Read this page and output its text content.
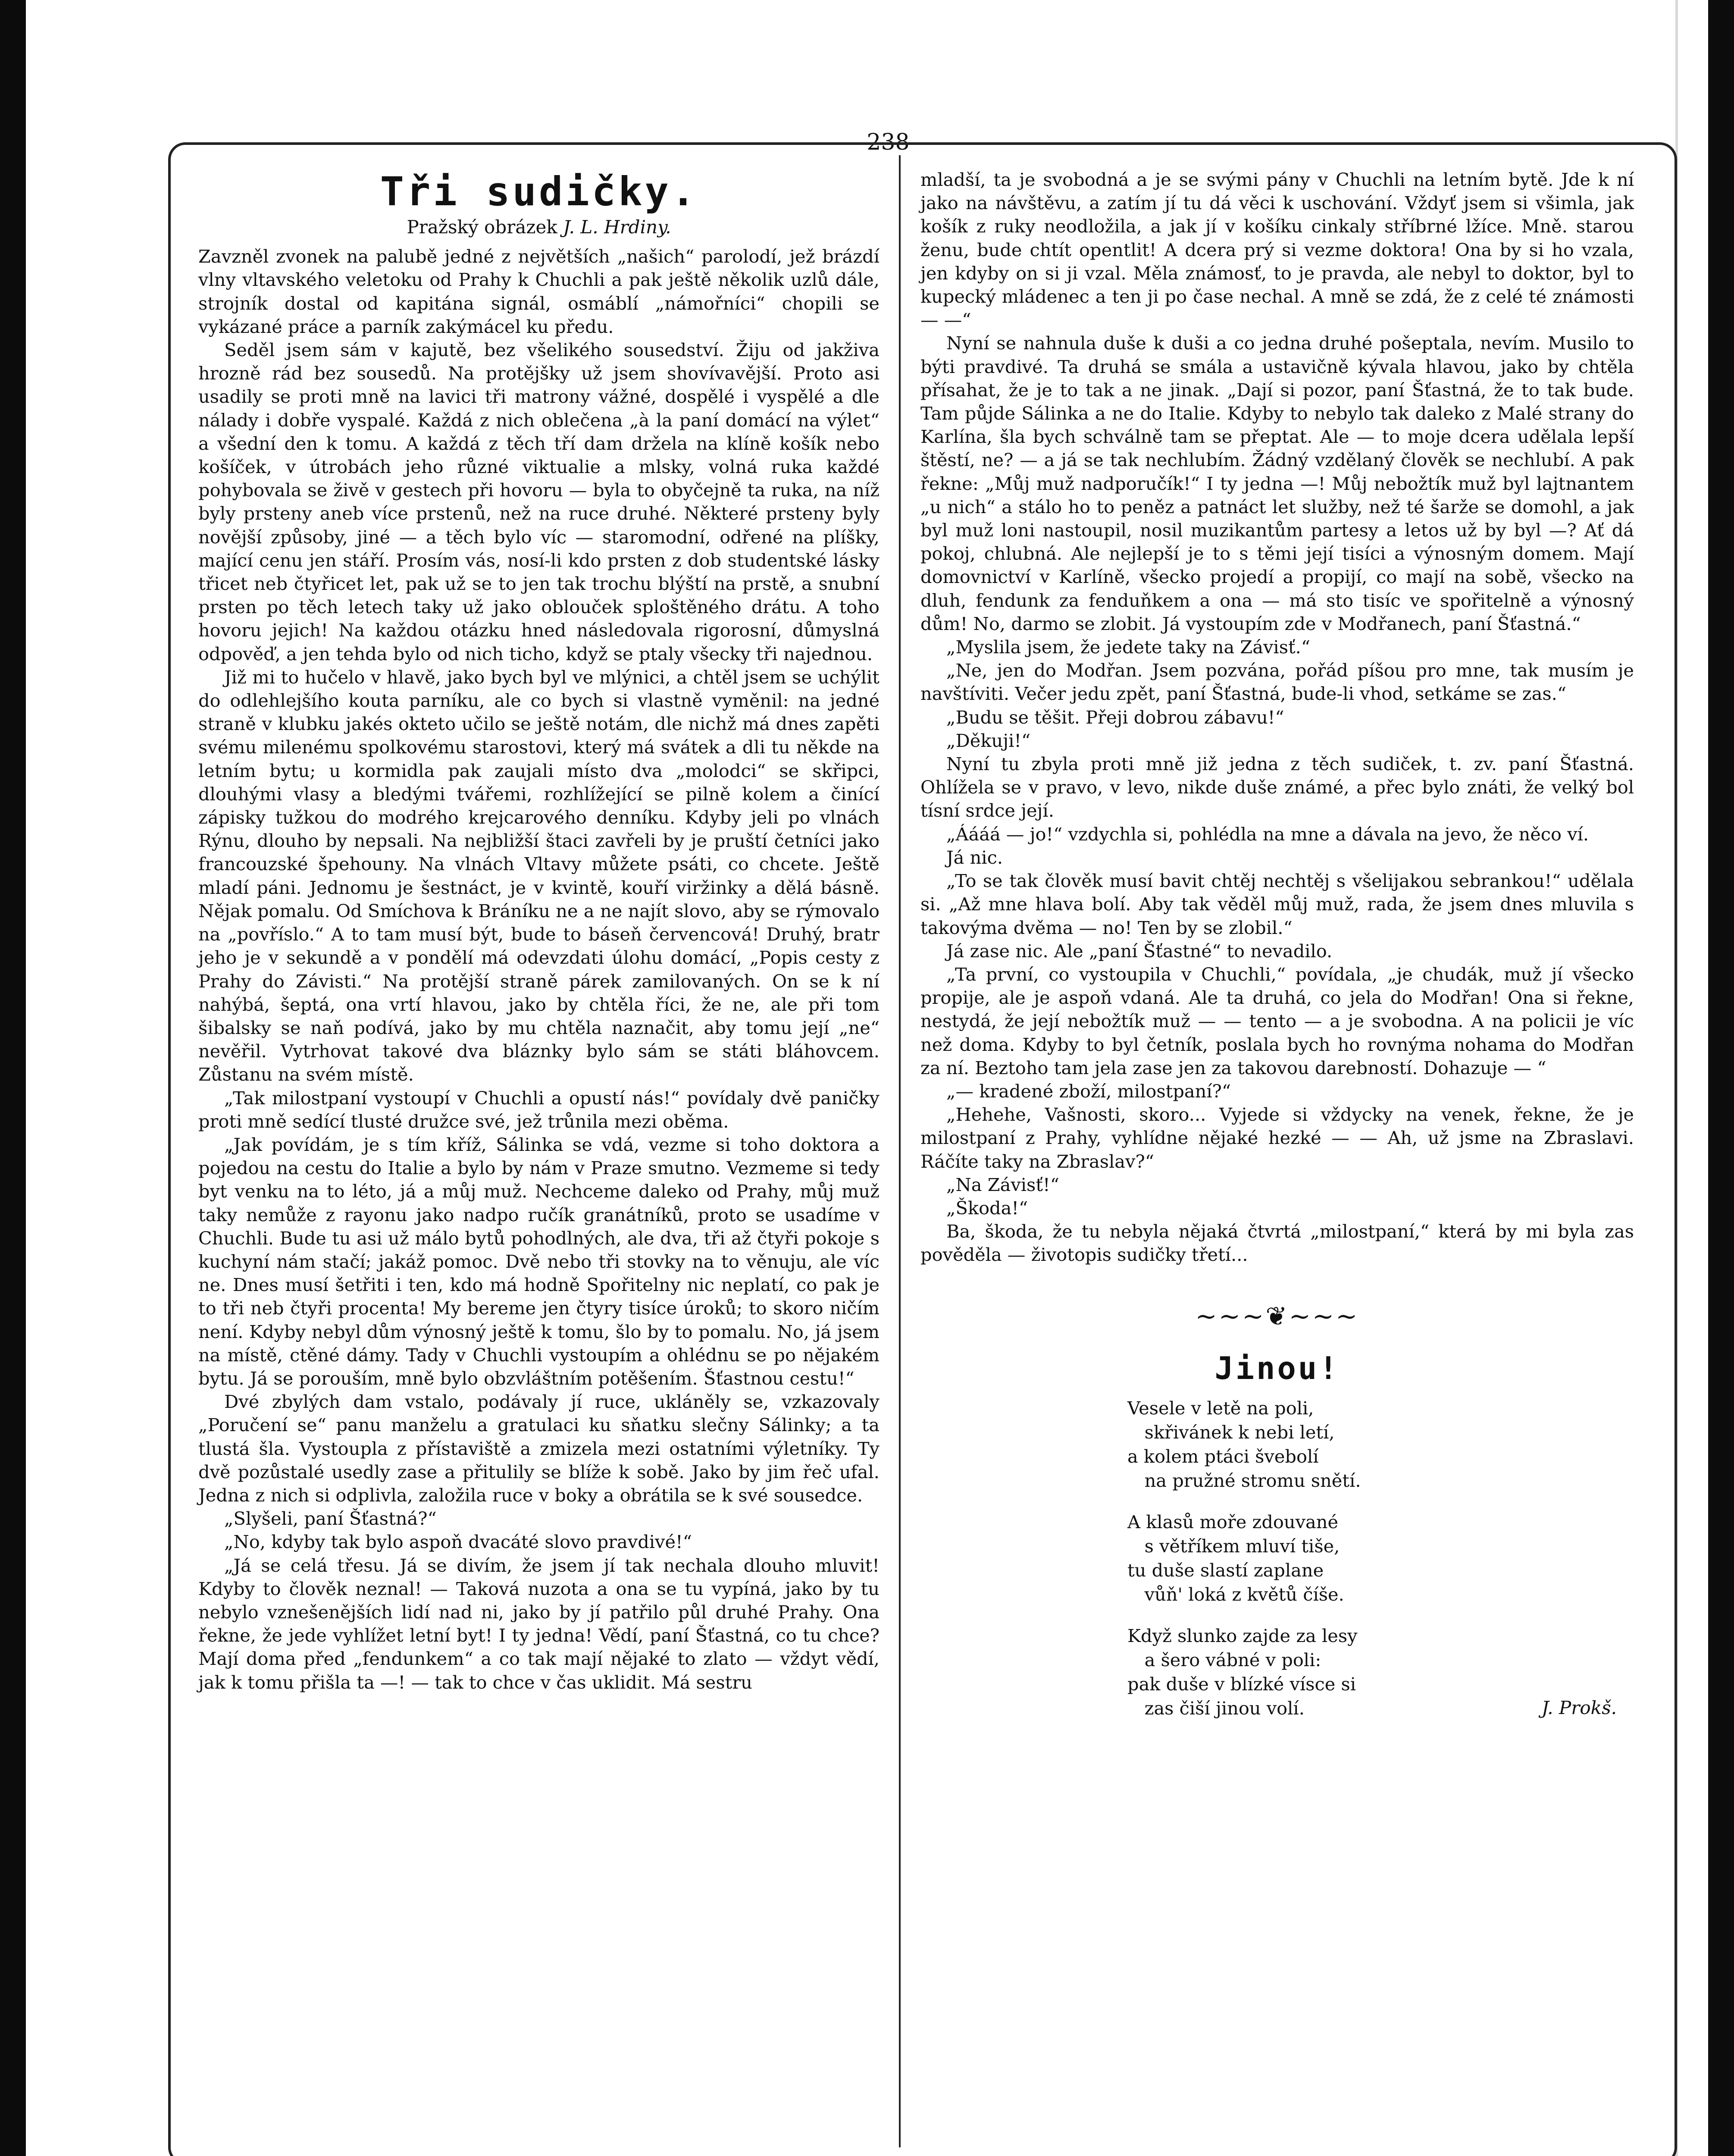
238
Tři sudičky.
Pražský obrázek J. L. Hrdiny.

Zavzněl zvonek na palubě jedné z největších „našich“ parolodí, jež brázdí vlny vltavského veletoku od Prahy k Chuchli a pak ještě několik uzlů dále, strojník dostal od kapitána signál, osmáblí „námořníci“ chopili se vykázané práce a parník zakýmácel ku předu.

Seděl jsem sám v kajutě, bez všelikého sousedství. Žiju od jakživa hrozně rád bez sousedů. Na protějšky už jsem shovívavější. Proto asi usadily se proti mně na lavici tři matrony vážné, dospělé i vyspělé a dle nálady i dobře vyspalé. Každá z nich oblečena „à la paní domácí na výlet“ a všední den k tomu. A každá z těch tří dam držela na klíně košík nebo košíček, v útrobách jeho různé viktualie a mlsky, volná ruka každé pohybovala se živě v gestech při hovoru — byla to obyčejně ta ruka, na níž byly prsteny aneb více prstenů, než na ruce druhé. Některé prsteny byly novější způsoby, jiné — a těch bylo víc — staromodní, odřené na plíšky, mající cenu jen stáří. Prosím vás, nosí-li kdo prsten z dob studentské lásky třicet neb čtyřicet let, pak už se to jen tak trochu blýští na prstě, a snubní prsten po těch letech taky už jako oblouček sploštěného drátu. A toho hovoru jejich! Na každou otázku hned následovala rigorosní, důmyslná odpověď, a jen tehda bylo od nich ticho, když se ptaly všecky tři najednou.

Již mi to hučelo v hlavě, jako bych byl ve mlýnici, a chtěl jsem se uchýlit do odlehlejšího kouta parníku, ale co bych si vlastně vyměnil: na jedné straně v klubku jakés okteto učilo se ještě notám, dle nichž má dnes zapěti svému milenému spolkovému starostovi, který má svátek a dli tu někde na letním bytu; u kormidla pak zaujali místo dva „molodci“ se skřipci, dlouhými vlasy a bledými tvářemi, rozhlížející se pilně kolem a činící zápisky tužkou do modrého krejcarového denníku. Kdyby jeli po vlnách Rýnu, dlouho by nepsali. Na nejbližší štaci zavřeli by je pruští četníci jako francouzské špehouny. Na vlnách Vltavy můžete psáti, co chcete. Ještě mladí páni. Jednomu je šestnáct, je v kvintě, kouří viržinky a dělá básně. Nějak pomalu. Od Smíchova k Bráníku ne a ne najít slovo, aby se rýmovalo na „povříslo.“ A to tam musí být, bude to báseň červencová! Druhý, bratr jeho je v sekundě a v pondělí má odevzdati úlohu domácí, „Popis cesty z Prahy do Závisti.“ Na protější straně párek zamilovaných. On se k ní nahýbá, šeptá, ona vrtí hlavou, jako by chtěla říci, že ne, ale při tom šibalsky se naň podívá, jako by mu chtěla naznačit, aby tomu její „ne“ nevěřil. Vytrhovat takové dva bláznky bylo sám se státi bláhovcem. Zůstanu na svém místě.

„Tak milostpaní vystoupí v Chuchli a opustí nás!“ povídaly dvě paničky proti mně sedící tlusté družce své, jež trůnila mezi oběma.

„Jak povídám, je s tím kříž, Sálinka se vdá, vezme si toho doktora a pojedou na cestu do Italie a bylo by nám v Praze smutno. Vezmeme si tedy byt venku na to léto, já a můj muž. Nechceme daleko od Prahy, můj muž taky nemůže z rayonu jako nadpo ručík granátníků, proto se usadíme v Chuchli. Bude tu asi už málo bytů pohodlných, ale dva, tři až čtyři pokoje s kuchyní nám stačí; jakáž pomoc. Dvě nebo tři stovky na to věnuju, ale víc ne. Dnes musí šetřiti i ten, kdo má hodně Spořitelny nic neplatí, co pak je to tři neb čtyři procenta! My bereme jen čtyry tisíce úroků; to skoro ničím není. Kdyby nebyl dům výnosný ještě k tomu, šlo by to pomalu. No, já jsem na místě, ctěné dámy. Tady v Chuchli vystoupím a ohlédnu se po nějakém bytu. Já se porouším, mně bylo obzvláštním potěšením. Šťastnou cestu!“

Dvé zbylých dam vstalo, podávaly jí ruce, ukláněly se, vzkazovaly „Poručení se“ panu manželu a gratulaci ku sňatku slečny Sálinky; a ta tlustá šla. Vystoupla z přístaviště a zmizela mezi ostatními výletníky. Ty dvě pozůstalé usedly zase a přitulily se blíže k sobě. Jako by jim řeč ufal. Jedna z nich si odplivla, založila ruce v boky a obrátila se k své sousedce.

„Slyšeli, paní Šťastná?“

„No, kdyby tak bylo aspoň dvacáté slovo pravdivé!“

„Já se celá třesu. Já se divím, že jsem jí tak nechala dlouho mluvit! Kdyby to člověk neznal! — Taková nuzota a ona se tu vypíná, jako by tu nebylo vznešenějších lidí nad ni, jako by jí patřilo půl druhé Prahy. Ona řekne, že jede vyhlížet letní byt! I ty jedna! Vědí, paní Šťastná, co tu chce? Mají doma před „fendunkem“ a co tak mají nějaké to zlato — vždyt vědí, jak k tomu přišla ta —! — tak to chce v čas uklidit. Má sestru

mladší, ta je svobodná a je se svými pány v Chuchli na letním bytě. Jde k ní jako na návštěvu, a zatím jí tu dá věci k uschování. Vždyť jsem si všimla, jak košík z ruky neodložila, a jak jí v košíku cinkaly stříbrné lžíce. Mně. starou ženu, bude chtít opentlit! A dcera prý si vezme doktora! Ona by si ho vzala, jen kdyby on si ji vzal. Měla známosť, to je pravda, ale nebyl to doktor, byl to kupecký mládenec a ten ji po čase nechal. A mně se zdá, že z celé té známosti — —“

Nyní se nahnula duše k duši a co jedna druhé pošeptala, nevím. Musilo to býti pravdivé. Ta druhá se smála a ustavičně kývala hlavou, jako by chtěla přísahat, že je to tak a ne jinak. „Dají si pozor, paní Šťastná, že to tak bude. Tam půjde Sálinka a ne do Italie. Kdyby to nebylo tak daleko z Malé strany do Karlína, šla bych schválně tam se přeptat. Ale — to moje dcera udělala lepší štěstí, ne? — a já se tak nechlubím. Žádný vzdělaný člověk se nechlubí. A pak řekne: „Můj muž nadporučík!“ I ty jedna —! Můj nebožtík muž byl lajtnantem „u nich“ a stálo ho to peněz a patnáct let služby, než té šarže se domohl, a jak byl muž loni nastoupil, nosil muzikantům partesy a letos už by byl —? Ať dá pokoj, chlubná. Ale nejlepší je to s těmi její tisíci a výnosným domem. Mají domovnictví v Karlíně, všecko projedí a propijí, co mají na sobě, všecko na dluh, fendunk za fenduňkem a ona — má sto tisíc ve spořitelně a výnosný dům! No, darmo se zlobit. Já vystoupím zde v Modřanech, paní Šťastná.“

„Myslila jsem, že jedete taky na Závisť.“

„Ne, jen do Modřan. Jsem pozvána, pořád píšou pro mne, tak musím je navštíviti. Večer jedu zpět, paní Šťastná, bude-li vhod, setkáme se zas.“

„Budu se těšit. Přeji dobrou zábavu!“

„Děkuji!“

Nyní tu zbyla proti mně již jedna z těch sudiček, t. zv. paní Šťastná. Ohlížela se v pravo, v levo, nikde duše známé, a přec bylo znáti, že velký bol tísní srdce její.

„Áááá — jo!“ vzdychla si, pohlédla na mne a dávala na jevo, že něco ví.

Já nic.

„To se tak člověk musí bavit chtěj nechtěj s všelijakou sebrankou!“ udělala si. „Až mne hlava bolí. Aby tak věděl můj muž, rada, že jsem dnes mluvila s takovýma dvěma — no! Ten by se zlobil.“

Já zase nic. Ale „paní Šťastné“ to nevadilo.

„Ta první, co vystoupila v Chuchli,“ povídala, „je chudák, muž jí všecko propije, ale je aspoň vdaná. Ale ta druhá, co jela do Modřan! Ona si řekne, nestydá, že její nebožtík muž — — tento — a je svobodna. A na policii je víc než doma. Kdyby to byl četník, poslala bych ho rovnýma nohama do Modřan za ní. Beztoho tam jela zase jen za takovou darebností. Dohazuje — “

„— kradené zboží, milostpaní?“

„Hehehe, Vašnosti, skoro... Vyjede si vždycky na venek, řekne, že je milostpaní z Prahy, vyhlídne nějaké hezké — — Ah, už jsme na Zbraslavi. Ráčíte taky na Zbraslav?“

„Na Závisť!“

„Škoda!“

Ba, škoda, že tu nebyla nějaká čtvrtá „milostpaní,“ která by mi byla zas pověděla — životopis sudičky třetí...

~~~❦~~~
Jinou!
Vesele v letě na poli,
skřivánek k nebi letí,
a kolem ptáci švebolí
na pružné stromu snětí.
A klasů moře zdouvané
s větříkem mluví tiše,
tu duše slastí zaplane
vůň' loká z květů číše.
Když slunko zajde za lesy
a šero vábné v poli:
pak duše v blízké vísce si
zas čiší jinou volí.	J. Prokš.
